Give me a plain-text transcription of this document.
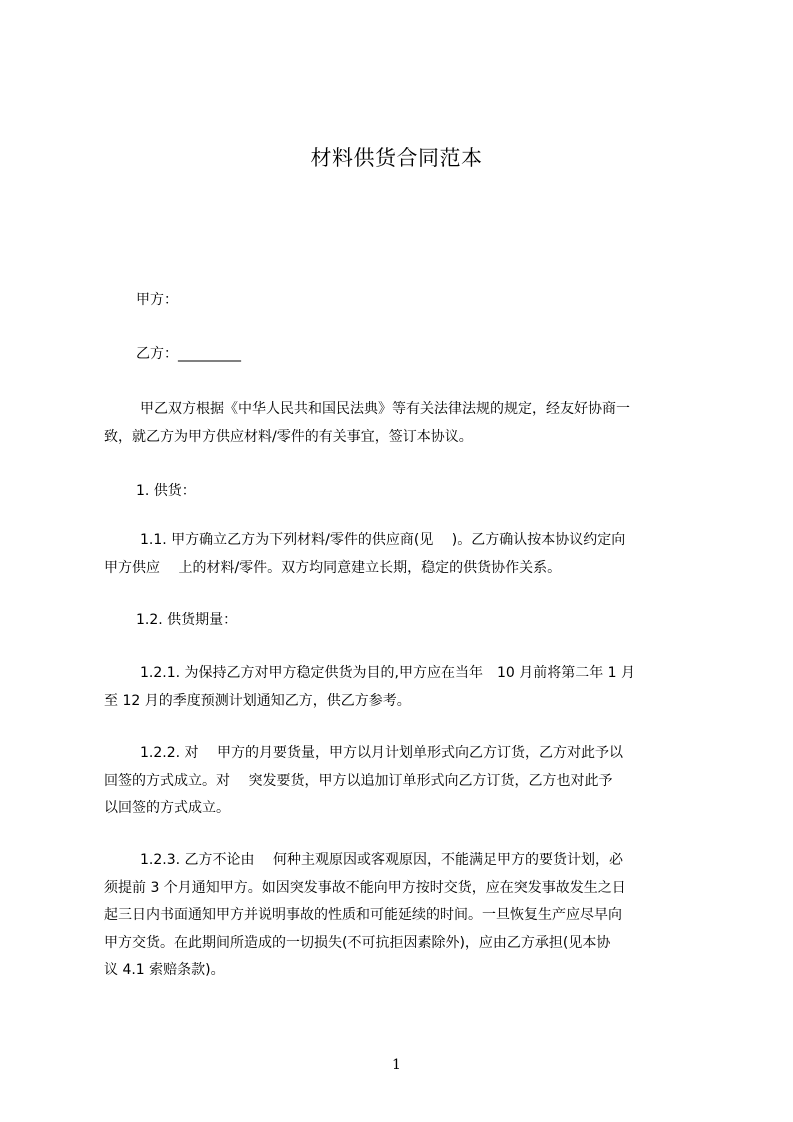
材料供货合同范本
甲方：
乙方：_________
甲乙双方根据《中华人民共和国民法典》等有关法律法规的规定，经友好协商一
致，就乙方为甲方供应材料/零件的有关事宜，签订本协议。
1. 供货：
1.1. 甲方确立乙方为下列材料/零件的供应商(见　 )。乙方确认按本协议约定向
甲方供应　 上的材料/零件。双方均同意建立长期，稳定的供货协作关系。
1.2. 供货期量：
1.2.1. 为保持乙方对甲方稳定供货为目的,甲方应在当年　10 月前将第二年 1 月
至 12 月的季度预测计划通知乙方，供乙方参考。
1.2.2. 对　 甲方的月要货量，甲方以月计划单形式向乙方订货，乙方对此予以
回签的方式成立。对　 突发要货，甲方以追加订单形式向乙方订货，乙方也对此予
以回签的方式成立。
1.2.3. 乙方不论由　 何种主观原因或客观原因，不能满足甲方的要货计划，必
须提前 3 个月通知甲方。如因突发事故不能向甲方按时交货，应在突发事故发生之日
起三日内书面通知甲方并说明事故的性质和可能延续的时间。一旦恢复生产应尽早向
甲方交货。在此期间所造成的一切损失(不可抗拒因素除外)，应由乙方承担(见本协
议 4.1 索赔条款)。
1
